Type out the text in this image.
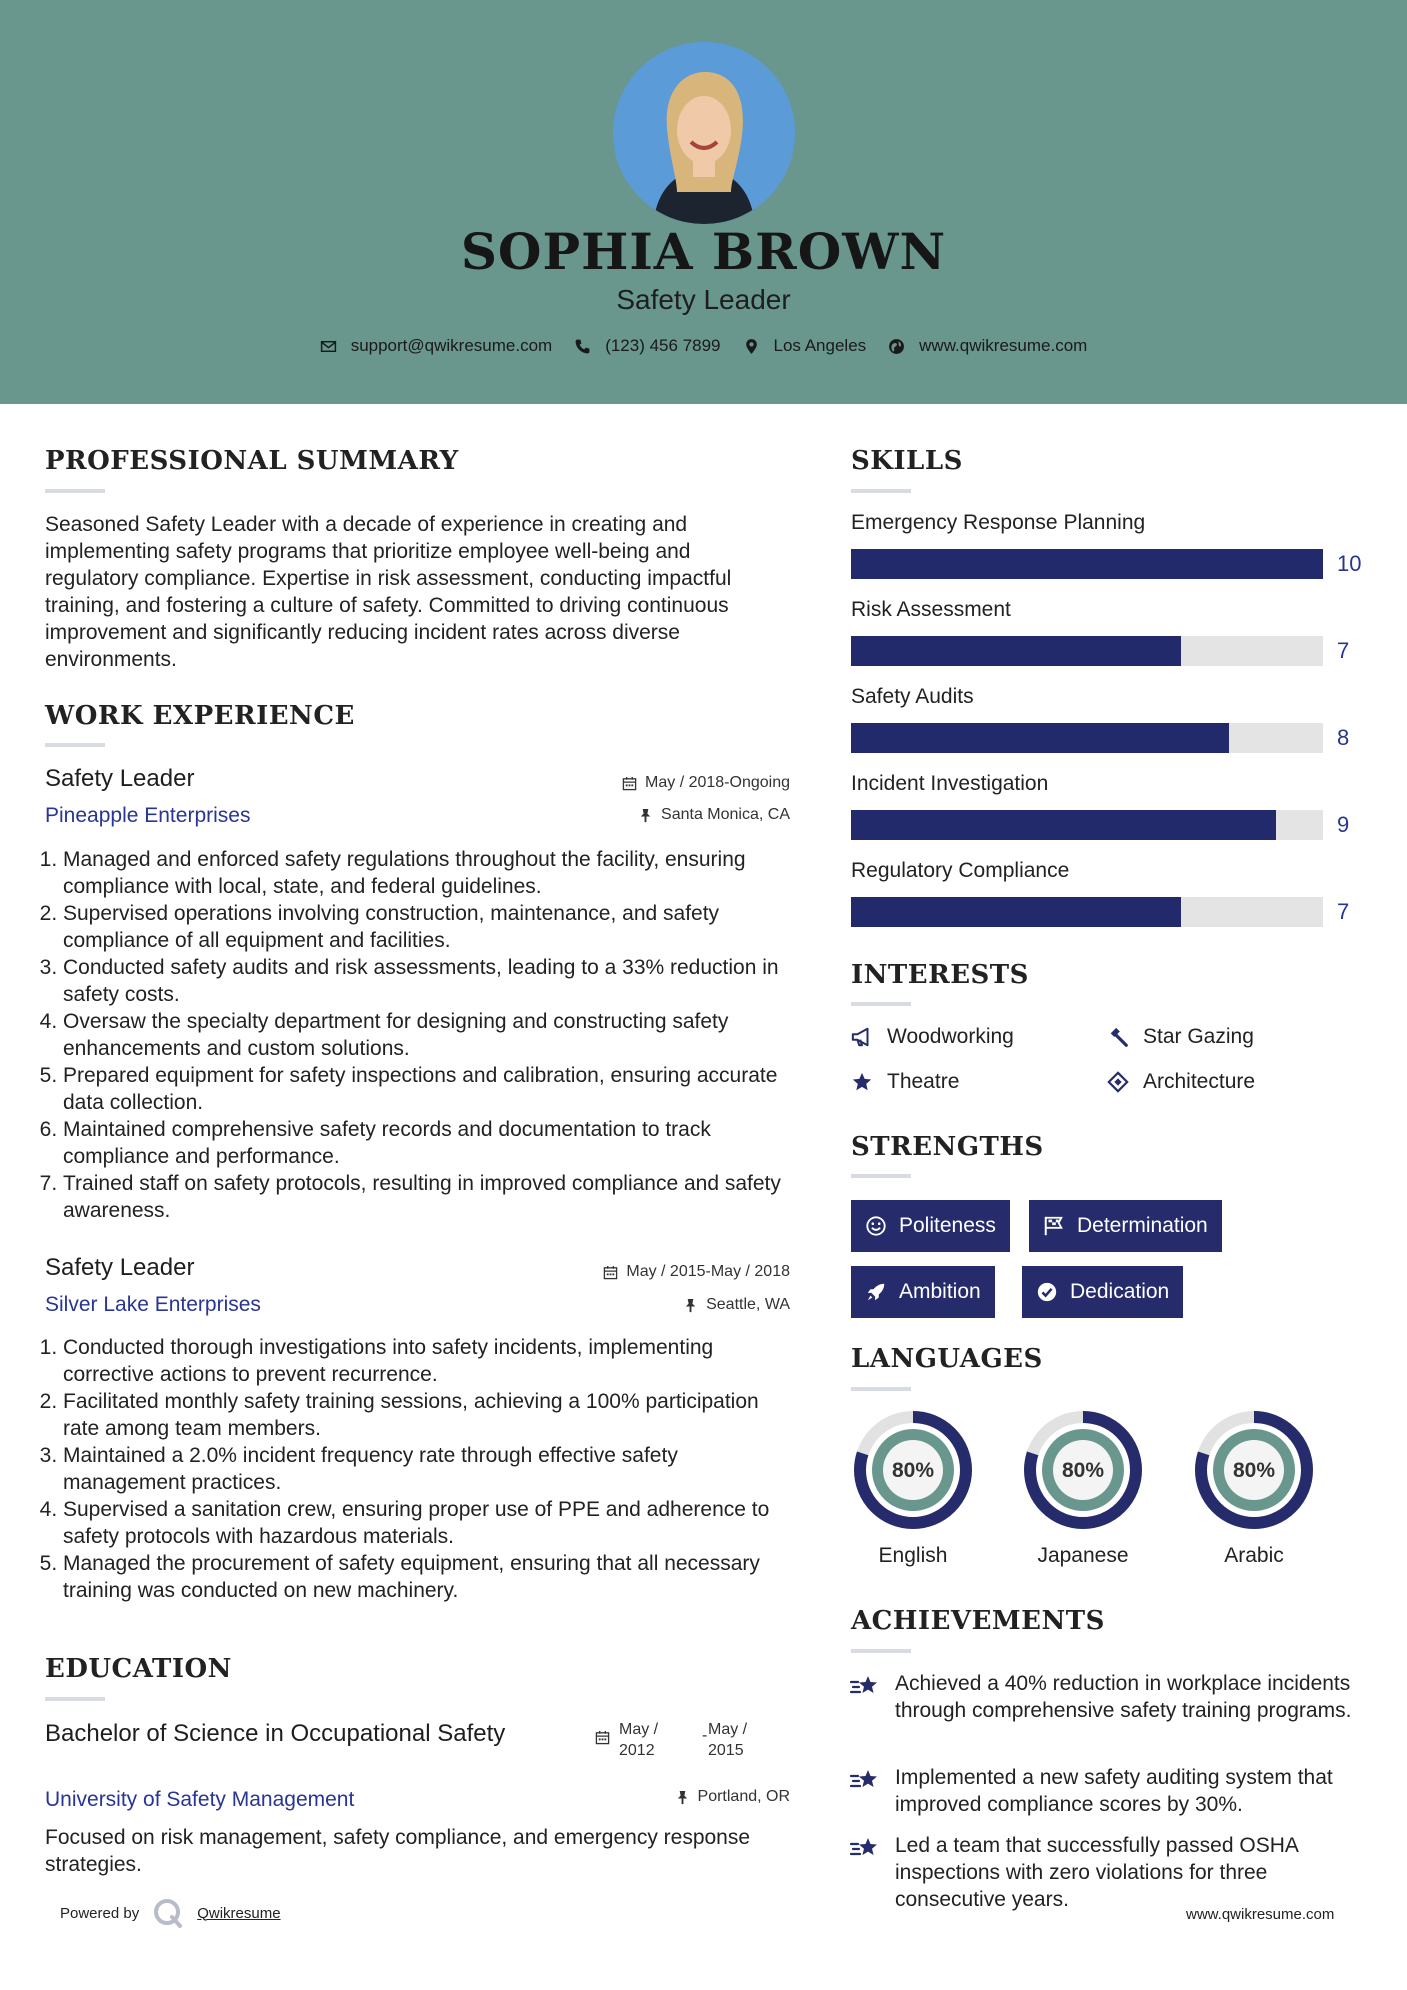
SOPHIA BROWN
Safety Leader
support@qwikresume.com	(123) 456 7899	Los Angeles	www.qwikresume.com
PROFESSIONAL SUMMARY
Seasoned Safety Leader with a decade of experience in creating and implementing safety programs that prioritize employee well-being and regulatory compliance. Expertise in risk assessment, conducting impactful training, and fostering a culture of safety. Committed to driving continuous improvement and significantly reducing incident rates across diverse environments.
WORK EXPERIENCE
Safety Leader	May / 2018-Ongoing
Pineapple Enterprises	Santa Monica, CA
1. Managed and enforced safety regulations throughout the facility, ensuring compliance with local, state, and federal guidelines.
2. Supervised operations involving construction, maintenance, and safety compliance of all equipment and facilities.
3. Conducted safety audits and risk assessments, leading to a 33% reduction in safety costs.
4. Oversaw the specialty department for designing and constructing safety enhancements and custom solutions.
5. Prepared equipment for safety inspections and calibration, ensuring accurate data collection.
6. Maintained comprehensive safety records and documentation to track compliance and performance.
7. Trained staff on safety protocols, resulting in improved compliance and safety awareness.
Safety Leader	May / 2015-May / 2018
Silver Lake Enterprises	Seattle, WA
1. Conducted thorough investigations into safety incidents, implementing corrective actions to prevent recurrence.
2. Facilitated monthly safety training sessions, achieving a 100% participation rate among team members.
3. Maintained a 2.0% incident frequency rate through effective safety management practices.
4. Supervised a sanitation crew, ensuring proper use of PPE and adherence to safety protocols with hazardous materials.
5. Managed the procurement of safety equipment, ensuring that all necessary training was conducted on new machinery.
EDUCATION
Bachelor of Science in Occupational Safety	May / 2012
- May / 2015
University of Safety Management	Portland, OR
Focused on risk management, safety compliance, and emergency response strategies.
SKILLS
Emergency Response Planning
10
Risk Assessment
7
Safety Audits
8
Incident Investigation
9
Regulatory Compliance
7
INTERESTS
Woodworking	Star Gazing
Theatre	Architecture
STRENGTHS
Politeness	Determination
Ambition	Dedication
LANGUAGES
80%
English
80%
Japanese
80%
Arabic
ACHIEVEMENTS
Achieved a 40% reduction in workplace incidents through comprehensive safety training programs.
Implemented a new safety auditing system that improved compliance scores by 30%.
Led a team that successfully passed OSHA inspections with zero violations for three consecutive years.
Powered by	Qwikresume	www.qwikresume.com
